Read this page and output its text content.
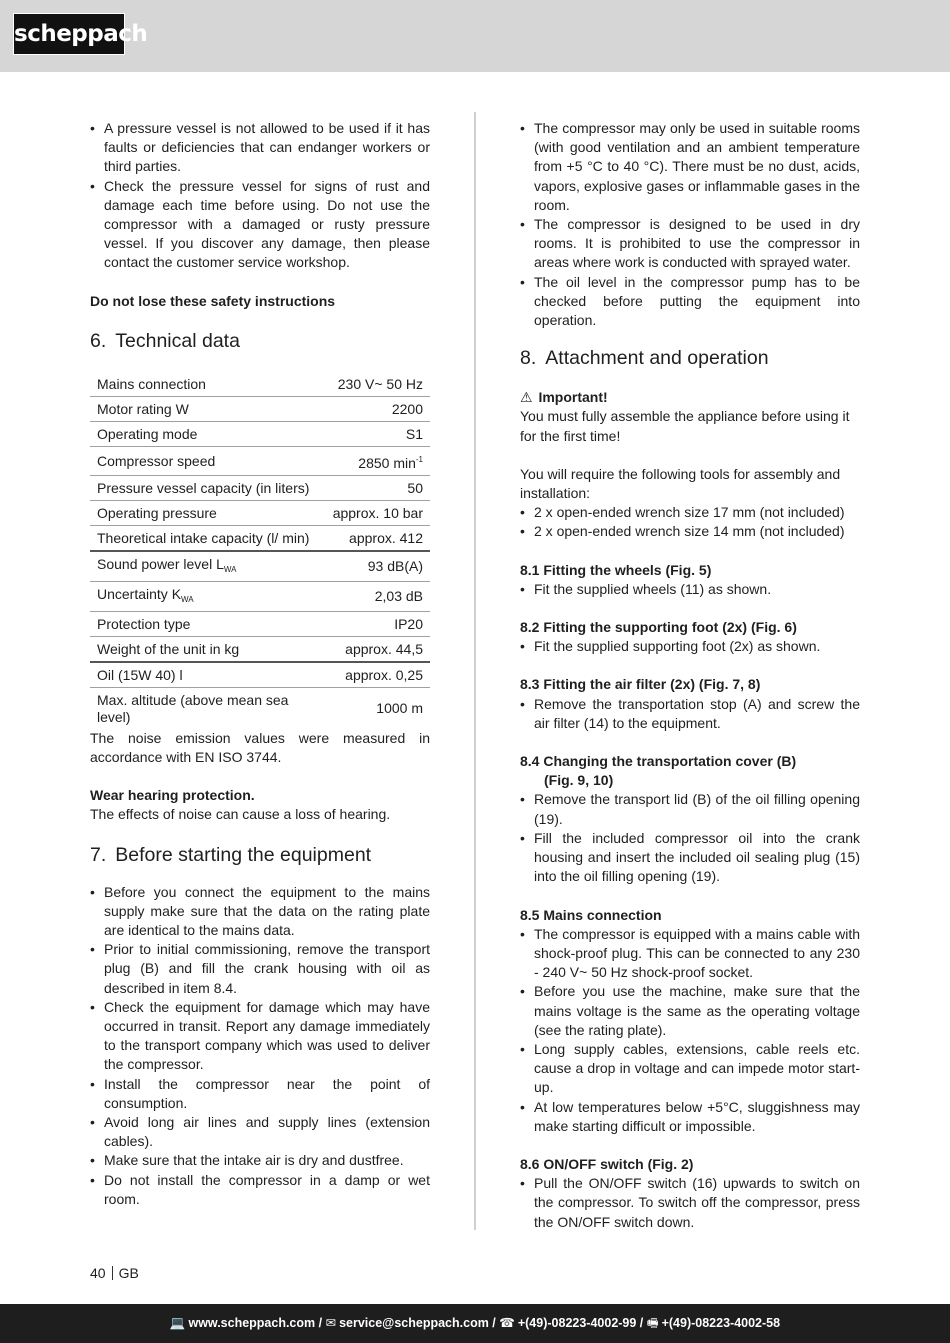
scheppach
• A pressure vessel is not allowed to be used if it has faults or deficiencies that can endanger workers or third parties.
• Check the pressure vessel for signs of rust and damage each time before using. Do not use the compressor with a damaged or rusty pressure vessel. If you discover any damage, then please contact the customer service workshop.

Do not lose these safety instructions

6. Technical data
Mains connection	230 V~ 50 Hz
Motor rating W	2200
Operating mode	S1
Compressor speed	2850 $\min^{-1}$
Pressure vessel capacity (in liters)	50
Operating pressure	approx. 10 bar
Theoretical intake capacity (l/ min)	approx. 412
Sound power level $L_{WA}$	93 dB(A)
Uncertainty $K_{WA}$	2,03 dB
Protection type	IP20
Weight of the unit in kg	approx. 44,5
Oil (15W 40) l	approx. 0,25
Max. altitude (above mean sea level)	1000 m

The noise emission values were measured in accordance with EN ISO 3744.

Wear hearing protection.

The effects of noise can cause a loss of hearing.

7. Before starting the equipment
• Before you connect the equipment to the mains supply make sure that the data on the rating plate are identical to the mains data.
• Prior to initial commissioning, remove the transport plug (B) and fill the crank housing with oil as described in item 8.4.
• Check the equipment for damage which may have occurred in transit. Report any damage immediately to the transport company which was used to deliver the compressor.
• Install the compressor near the point of consumption.
• Avoid long air lines and supply lines (extension cables).
• Make sure that the intake air is dry and dustfree.
• Do not install the compressor in a damp or wet room.
• The compressor may only be used in suitable rooms (with good ventilation and an ambient temperature from +5 °C to 40 °C). There must be no dust, acids, vapors, explosive gases or inflammable gases in the room.
• The compressor is designed to be used in dry rooms. It is prohibited to use the compressor in areas where work is conducted with sprayed water.
• The oil level in the compressor pump has to be checked before putting the equipment into operation.
8. Attachment and operation

⚠ Important!

You must fully assemble the appliance before using it for the first time!

You will require the following tools for assembly and installation:

• 2 x open-ended wrench size 17 mm (not included)
• 2 x open-ended wrench size 14 mm (not included)

8.1 Fitting the wheels (Fig. 5)

• Fit the supplied wheels (11) as shown.

8.2 Fitting the supporting foot (2x) (Fig. 6)

• Fit the supplied supporting foot (2x) as shown.

8.3 Fitting the air filter (2x) (Fig. 7, 8)

• Remove the transportation stop (A) and screw the air filter (14) to the equipment.

8.4 Changing the transportation cover (B)

(Fig. 9, 10)

• Remove the transport lid (B) of the oil filling opening (19).
• Fill the included compressor oil into the crank housing and insert the included oil sealing plug (15) into the oil filling opening (19).

8.5 Mains connection

• The compressor is equipped with a mains cable with shock-proof plug. This can be connected to any 230 - 240 V~ 50 Hz shock-proof socket.
• Before you use the machine, make sure that the mains voltage is the same as the operating voltage (see the rating plate).
• Long supply cables, extensions, cable reels etc. cause a drop in voltage and can impede motor start-up.
• At low temperatures below +5°C, sluggishness may make starting difficult or impossible.

8.6 ON/OFF switch (Fig. 2)

• Pull the ON/OFF switch (16) upwards to switch on the compressor. To switch off the compressor, press the ON/OFF switch down.
40 GB
💻 www.scheppach.com / ✉ service@scheppach.com / ☎ +(49)-08223-4002-99 / 🖷 +(49)-08223-4002-58
